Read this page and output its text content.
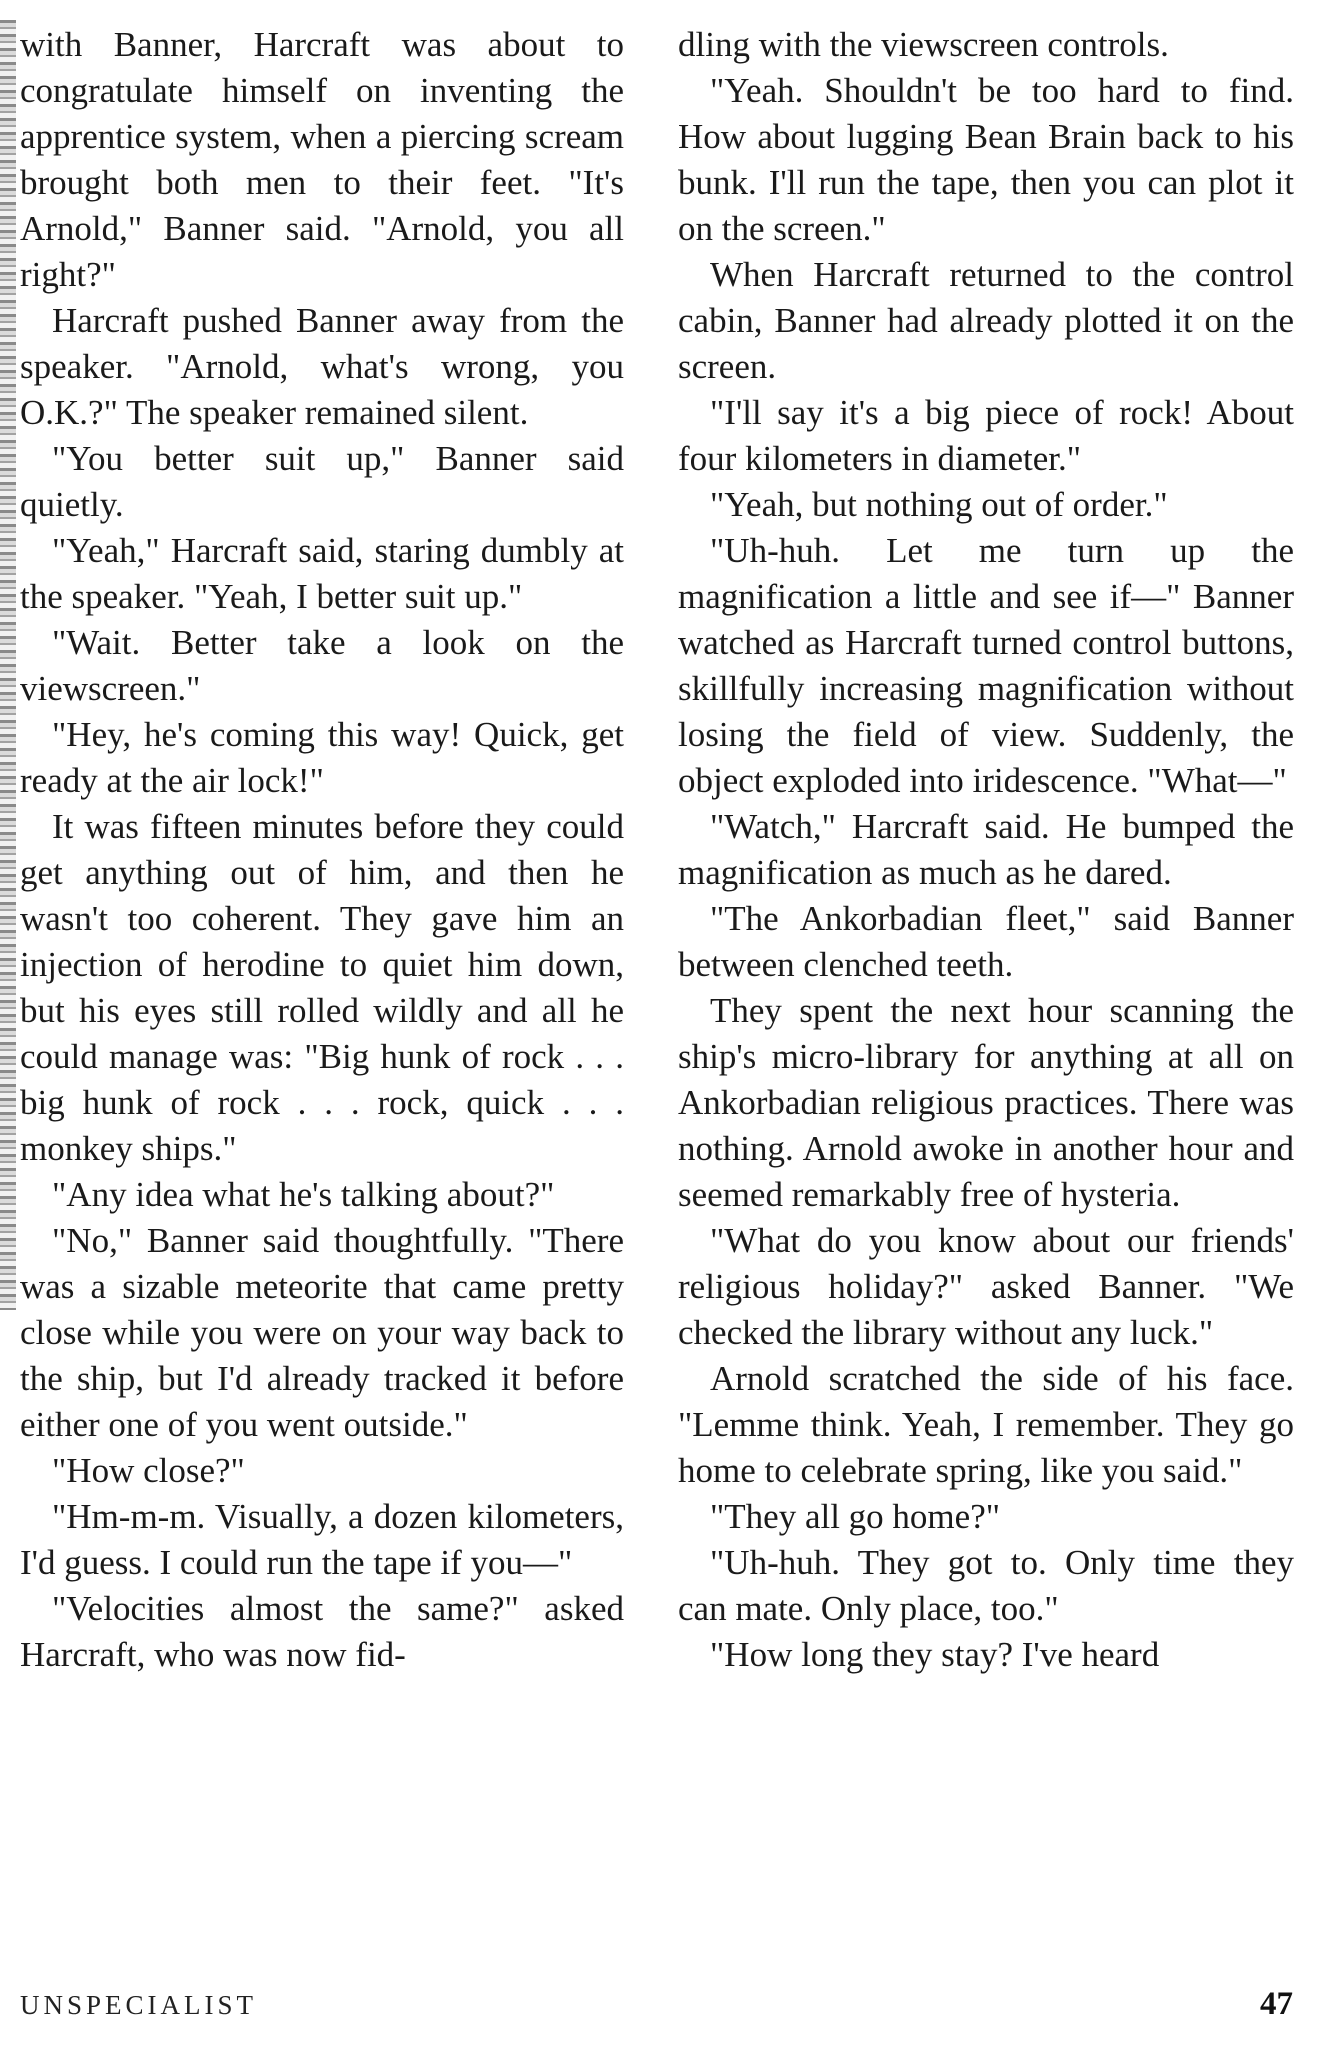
with Banner, Harcraft was about to congratulate himself on inventing the apprentice system, when a piercing scream brought both men to their feet. "It's Arnold," Banner said. "Arnold, you all right?"

Harcraft pushed Banner away from the speaker. "Arnold, what's wrong, you O.K.?" The speaker remained silent.

"You better suit up," Banner said quietly.

"Yeah," Harcraft said, staring dumbly at the speaker. "Yeah, I better suit up."

"Wait. Better take a look on the viewscreen."

"Hey, he's coming this way! Quick, get ready at the air lock!"

It was fifteen minutes before they could get anything out of him, and then he wasn't too coherent. They gave him an injection of herodine to quiet him down, but his eyes still rolled wildly and all he could manage was: "Big hunk of rock . . . big hunk of rock . . . rock, quick . . . monkey ships."

"Any idea what he's talking about?"

"No," Banner said thoughtfully. "There was a sizable meteorite that came pretty close while you were on your way back to the ship, but I'd already tracked it before either one of you went outside."

"How close?"

"Hm-m-m. Visually, a dozen kilometers, I'd guess. I could run the tape if you—"

"Velocities almost the same?" asked Harcraft, who was now fid-

dling with the viewscreen controls.

"Yeah. Shouldn't be too hard to find. How about lugging Bean Brain back to his bunk. I'll run the tape, then you can plot it on the screen."

When Harcraft returned to the control cabin, Banner had already plotted it on the screen.

"I'll say it's a big piece of rock! About four kilometers in diameter."

"Yeah, but nothing out of order."

"Uh-huh. Let me turn up the magnification a little and see if—" Banner watched as Harcraft turned control buttons, skillfully increasing magnification without losing the field of view. Suddenly, the object exploded into iridescence. "What—"

"Watch," Harcraft said. He bumped the magnification as much as he dared.

"The Ankorbadian fleet," said Banner between clenched teeth.

They spent the next hour scanning the ship's micro-library for anything at all on Ankorbadian religious practices. There was nothing. Arnold awoke in another hour and seemed remarkably free of hysteria.

"What do you know about our friends' religious holiday?" asked Banner. "We checked the library without any luck."

Arnold scratched the side of his face. "Lemme think. Yeah, I remember. They go home to celebrate spring, like you said."

"They all go home?"

"Uh-huh. They got to. Only time they can mate. Only place, too."

"How long they stay? I've heard

UNSPECIALIST	47
